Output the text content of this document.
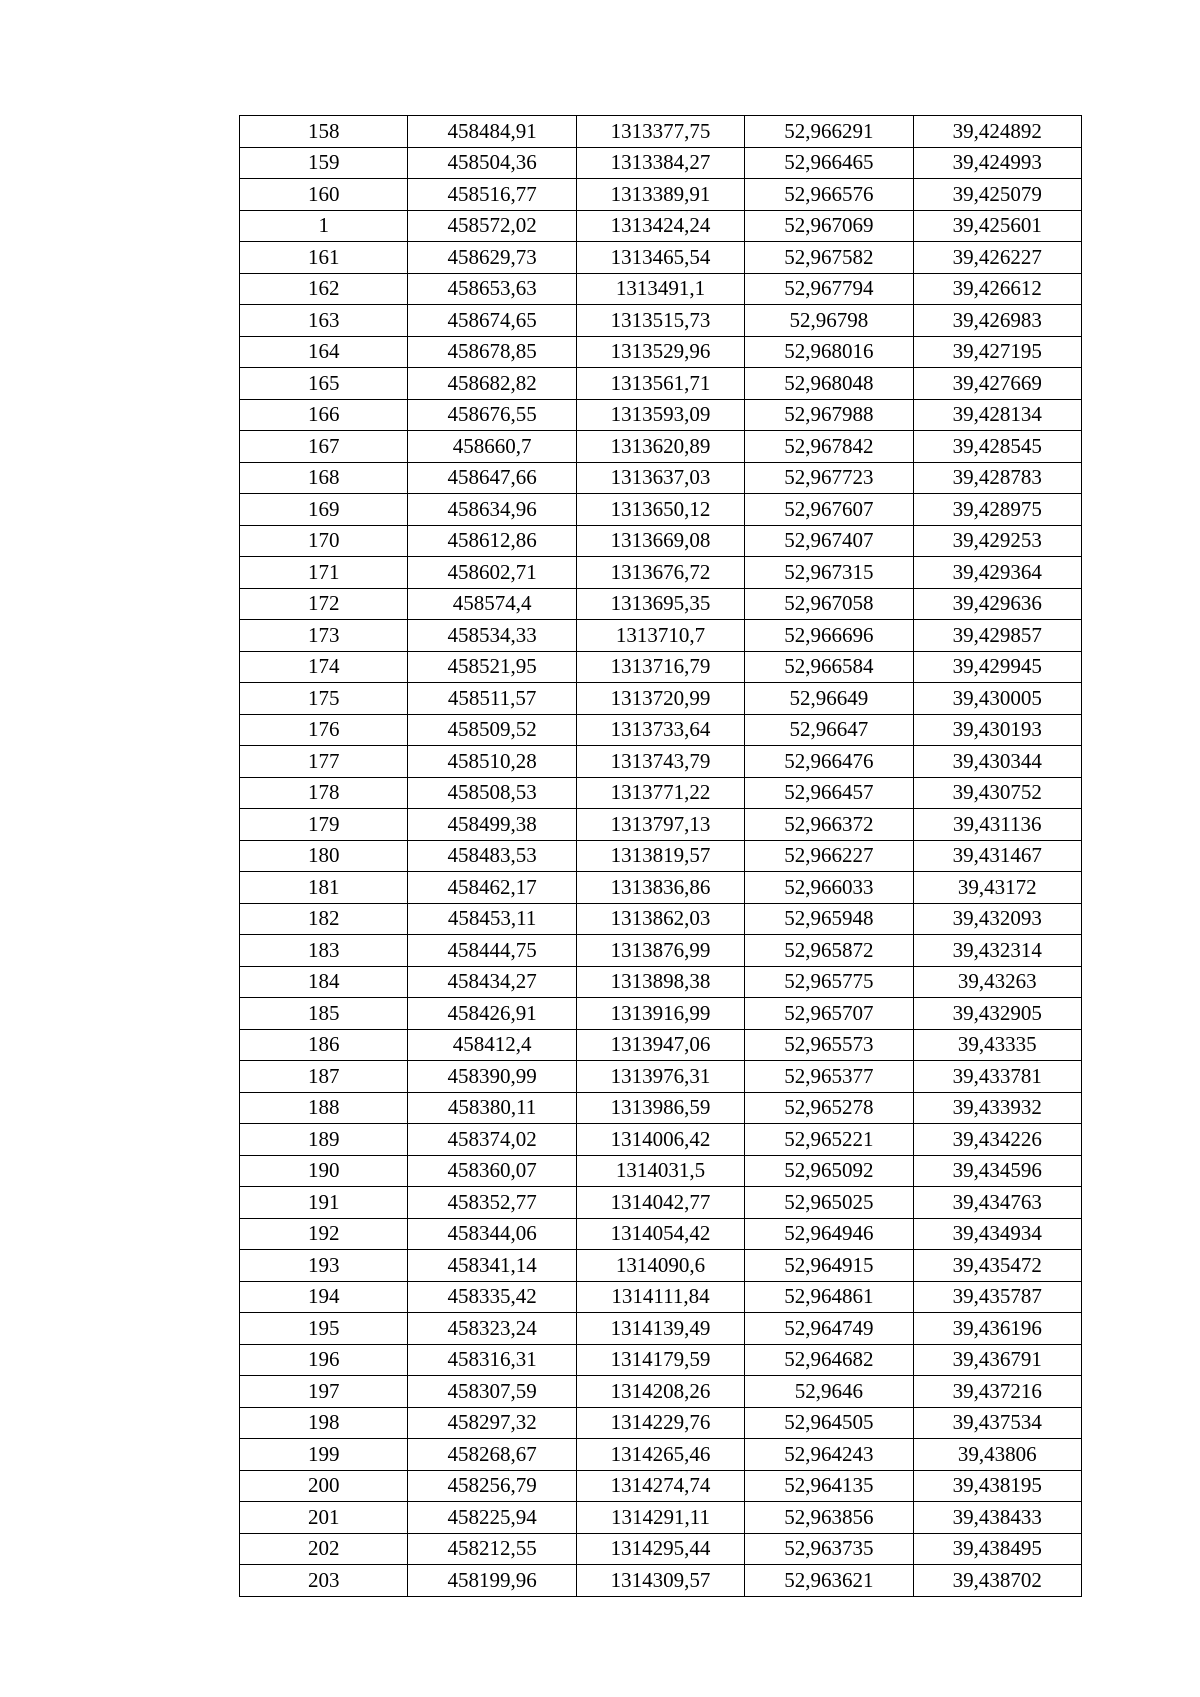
158	458484,91	1313377,75	52,966291	39,424892
159	458504,36	1313384,27	52,966465	39,424993
160	458516,77	1313389,91	52,966576	39,425079
1	458572,02	1313424,24	52,967069	39,425601
161	458629,73	1313465,54	52,967582	39,426227
162	458653,63	1313491,1	52,967794	39,426612
163	458674,65	1313515,73	52,96798	39,426983
164	458678,85	1313529,96	52,968016	39,427195
165	458682,82	1313561,71	52,968048	39,427669
166	458676,55	1313593,09	52,967988	39,428134
167	458660,7	1313620,89	52,967842	39,428545
168	458647,66	1313637,03	52,967723	39,428783
169	458634,96	1313650,12	52,967607	39,428975
170	458612,86	1313669,08	52,967407	39,429253
171	458602,71	1313676,72	52,967315	39,429364
172	458574,4	1313695,35	52,967058	39,429636
173	458534,33	1313710,7	52,966696	39,429857
174	458521,95	1313716,79	52,966584	39,429945
175	458511,57	1313720,99	52,96649	39,430005
176	458509,52	1313733,64	52,96647	39,430193
177	458510,28	1313743,79	52,966476	39,430344
178	458508,53	1313771,22	52,966457	39,430752
179	458499,38	1313797,13	52,966372	39,431136
180	458483,53	1313819,57	52,966227	39,431467
181	458462,17	1313836,86	52,966033	39,43172
182	458453,11	1313862,03	52,965948	39,432093
183	458444,75	1313876,99	52,965872	39,432314
184	458434,27	1313898,38	52,965775	39,43263
185	458426,91	1313916,99	52,965707	39,432905
186	458412,4	1313947,06	52,965573	39,43335
187	458390,99	1313976,31	52,965377	39,433781
188	458380,11	1313986,59	52,965278	39,433932
189	458374,02	1314006,42	52,965221	39,434226
190	458360,07	1314031,5	52,965092	39,434596
191	458352,77	1314042,77	52,965025	39,434763
192	458344,06	1314054,42	52,964946	39,434934
193	458341,14	1314090,6	52,964915	39,435472
194	458335,42	1314111,84	52,964861	39,435787
195	458323,24	1314139,49	52,964749	39,436196
196	458316,31	1314179,59	52,964682	39,436791
197	458307,59	1314208,26	52,9646	39,437216
198	458297,32	1314229,76	52,964505	39,437534
199	458268,67	1314265,46	52,964243	39,43806
200	458256,79	1314274,74	52,964135	39,438195
201	458225,94	1314291,11	52,963856	39,438433
202	458212,55	1314295,44	52,963735	39,438495
203	458199,96	1314309,57	52,963621	39,438702
